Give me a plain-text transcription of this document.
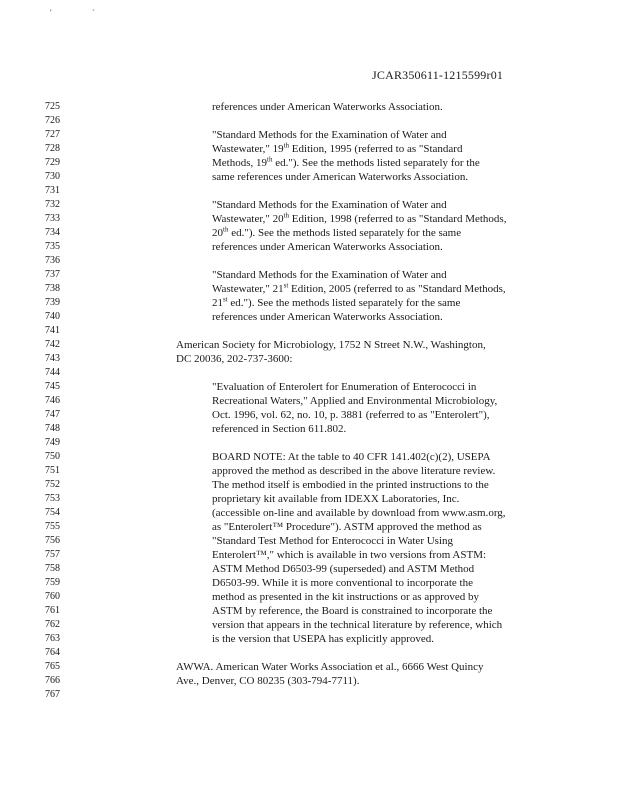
'	`
JCAR350611-1215599r01
725
726
727
728
729
730
731
732
733
734
735
736
737
738
739
740
741
742
743
744
745
746
747
748
749
750
751
752
753
754
755
756
757
758
759
760
761
762
763
764
765
766
767
references under American Waterworks Association.
"Standard Methods for the Examination of Water and
Wastewater," 19th Edition, 1995 (referred to as "Standard
Methods, 19th ed."). See the methods listed separately for the
same references under American Waterworks Association.
"Standard Methods for the Examination of Water and
Wastewater," 20th Edition, 1998 (referred to as "Standard Methods,
20th ed."). See the methods listed separately for the same
references under American Waterworks Association.
"Standard Methods for the Examination of Water and
Wastewater," 21st Edition, 2005 (referred to as "Standard Methods,
21st ed."). See the methods listed separately for the same
references under American Waterworks Association.
American Society for Microbiology, 1752 N Street N.W., Washington,
DC 20036, 202-737-3600:
"Evaluation of Enterolert for Enumeration of Enterococci in
Recreational Waters," Applied and Environmental Microbiology,
Oct. 1996, vol. 62, no. 10, p. 3881 (referred to as "Enterolert"),
referenced in Section 611.802.
BOARD NOTE: At the table to 40 CFR 141.402(c)(2), USEPA
approved the method as described in the above literature review.
The method itself is embodied in the printed instructions to the
proprietary kit available from IDEXX Laboratories, Inc.
(accessible on-line and available by download from www.asm.org,
as "Enterolert™ Procedure"). ASTM approved the method as
"Standard Test Method for Enterococci in Water Using
Enterolert™," which is available in two versions from ASTM:
ASTM Method D6503-99 (superseded) and ASTM Method
D6503-99. While it is more conventional to incorporate the
method as presented in the kit instructions or as approved by
ASTM by reference, the Board is constrained to incorporate the
version that appears in the technical literature by reference, which
is the version that USEPA has explicitly approved.
AWWA. American Water Works Association et al., 6666 West Quincy
Ave., Denver, CO 80235 (303-794-7711).
